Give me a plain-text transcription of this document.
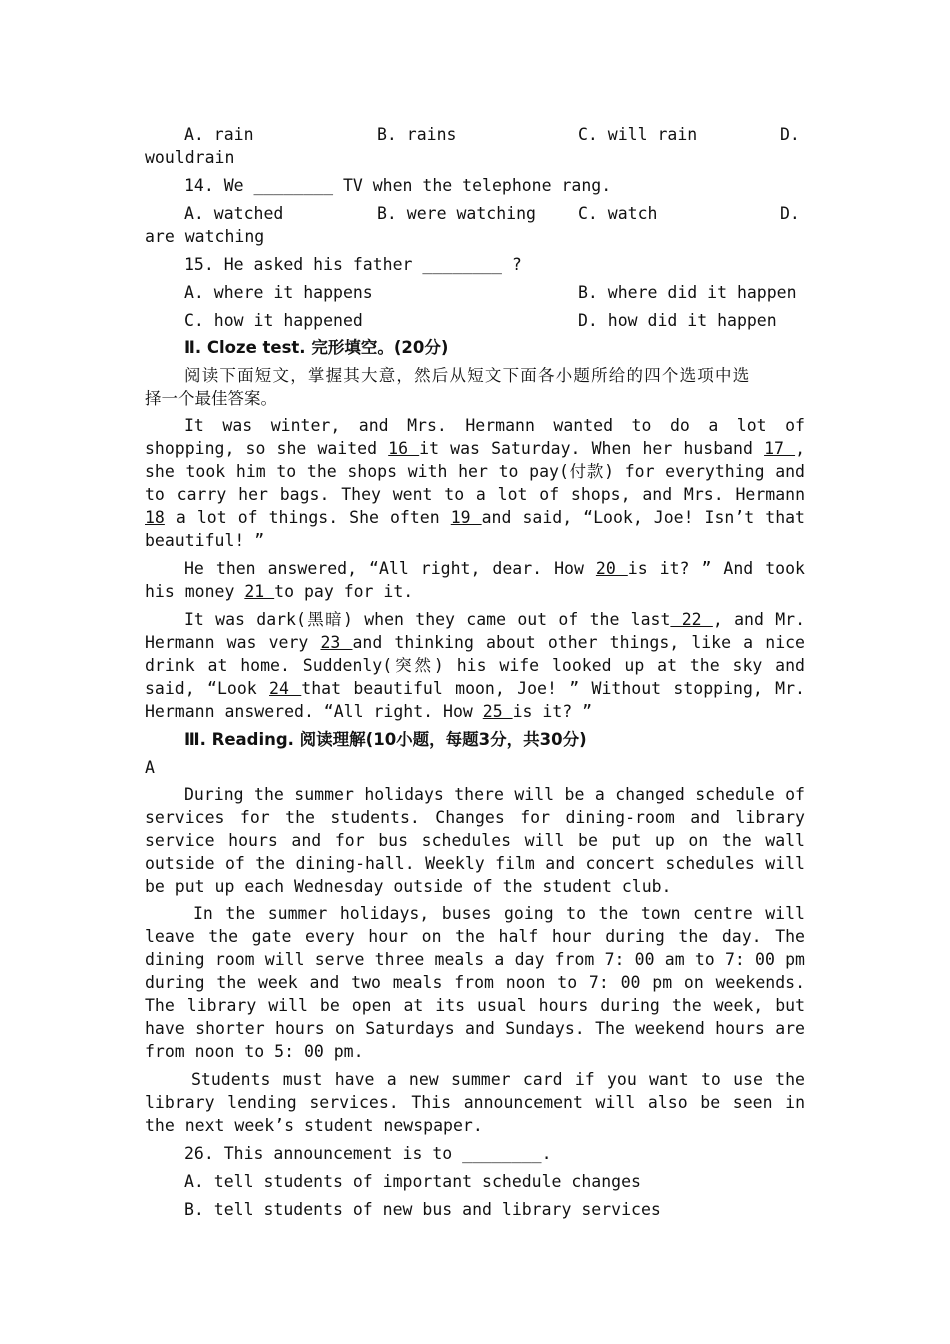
A. rain	B. rains	C. will rain	D.
wouldrain
14. We ________ TV when the telephone rang.
A. watched	B. were watching	C. watch	D.
are watching
15. He asked his father ________ ?
A. where it happens	B. where did it happen
C. how it happened	D. how did it happen
Ⅱ. Cloze test. 完形填空。(20分)
阅读下面短文，掌握其大意，然后从短文下面各小题所给的四个选项中选
择一个最佳答案。
It was winter, and Mrs. Hermann wanted to do a lot of shopping, so she waited 16 it was Saturday. When her husband 17 , she took him to the shops with her to pay(付款) for everything and to carry her bags. They went to a lot of shops, and Mrs. Hermann 18 a lot of things. She often 19 and said, “Look, Joe! Isn’t that beautiful! ”
He then answered, “All right, dear. How 20 is it? ” And took his money 21 to pay for it.
It was dark(黑暗) when they came out of the last 22 , and Mr. Hermann was very 23 and thinking about other things, like a nice drink at home. Suddenly(突然) his wife looked up at the sky and said, “Look 24 that beautiful moon, Joe! ” Without stopping, Mr. Hermann answered. “All right. How 25 is it? ”
Ⅲ. Reading. 阅读理解(10小题，每题3分，共30分)
A
During the summer holidays there will be a changed schedule of services for the students. Changes for dining-room and library service hours and for bus schedules will be put up on the wall outside of the dining-hall. Weekly film and concert schedules will be put up each Wednesday outside of the student club.
In the summer holidays, buses going to the town centre will leave the gate every hour on the half hour during the day. The dining room will serve three meals a day from 7: 00 am to 7: 00 pm during the week and two meals from noon to 7: 00 pm on weekends. The library will be open at its usual hours during the week, but have shorter hours on Saturdays and Sundays. The weekend hours are from noon to 5: 00 pm.
Students must have a new summer card if you want to use the library lending services. This announcement will also be seen in the next week’s student newspaper.
26. This announcement is to ________.
A. tell students of important schedule changes
B. tell students of new bus and library services
